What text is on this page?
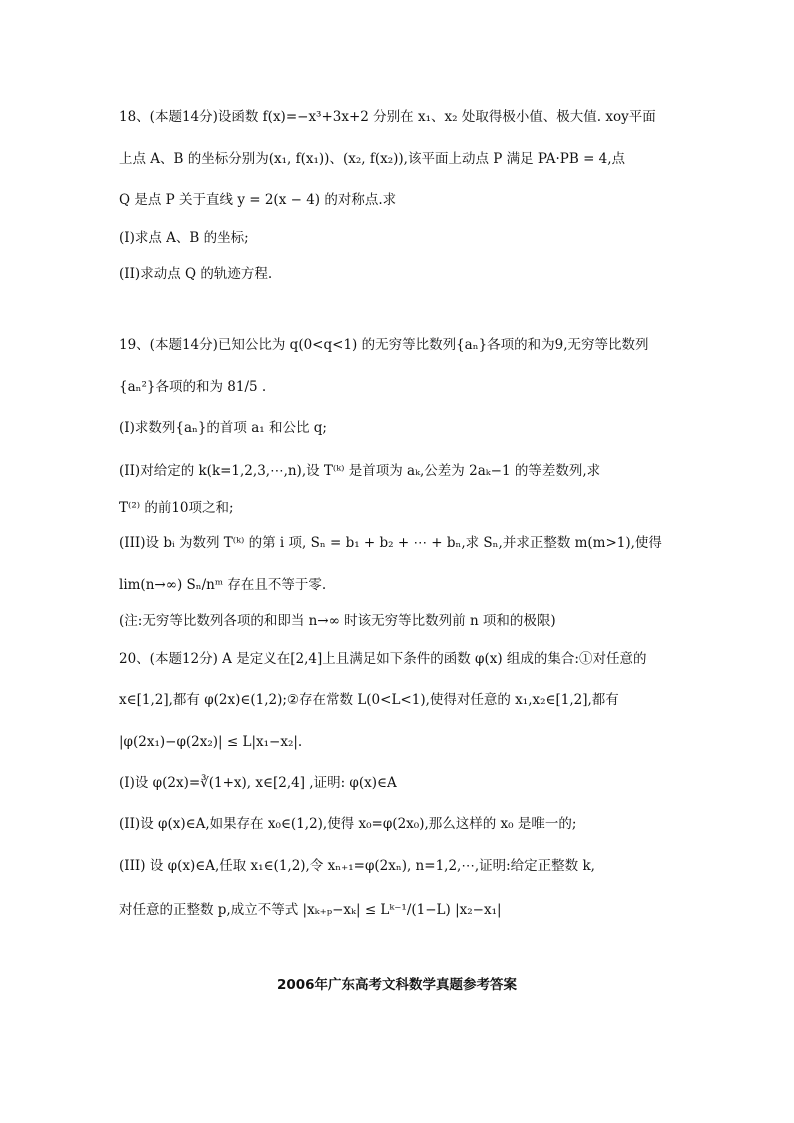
18、(本题14分)设函数 f(x)=−x³+3x+2 分别在 x₁、x₂ 处取得极小值、极大值. xoy平面
上点 A、B 的坐标分别为(x₁, f(x₁))、(x₂, f(x₂)),该平面上动点 P 满足 PA·PB = 4,点
Q 是点 P 关于直线 y = 2(x − 4) 的对称点.求
(I)求点 A、B 的坐标;
(II)求动点 Q 的轨迹方程.
19、(本题14分)已知公比为 q(0<q<1) 的无穷等比数列{aₙ}各项的和为9,无穷等比数列
{aₙ²}各项的和为 81/5 .
(I)求数列{aₙ}的首项 a₁ 和公比 q;
(II)对给定的 k(k=1,2,3,⋯,n),设 T⁽ᵏ⁾ 是首项为 aₖ,公差为 2aₖ−1 的等差数列,求
T⁽²⁾ 的前10项之和;
(III)设 bᵢ 为数列 T⁽ᵏ⁾ 的第 i 项, Sₙ = b₁ + b₂ + ⋯ + bₙ,求 Sₙ,并求正整数 m(m>1),使得
lim(n→∞) Sₙ/nᵐ 存在且不等于零.
(注:无穷等比数列各项的和即当 n→∞ 时该无穷等比数列前 n 项和的极限)
20、(本题12分) A 是定义在[2,4]上且满足如下条件的函数 φ(x) 组成的集合:①对任意的
x∈[1,2],都有 φ(2x)∈(1,2);②存在常数 L(0<L<1),使得对任意的 x₁,x₂∈[1,2],都有
|φ(2x₁)−φ(2x₂)| ≤ L|x₁−x₂|.
(I)设 φ(2x)=∛(1+x), x∈[2,4] ,证明: φ(x)∈A
(II)设 φ(x)∈A,如果存在 x₀∈(1,2),使得 x₀=φ(2x₀),那么这样的 x₀ 是唯一的;
(III) 设 φ(x)∈A,任取 x₁∈(1,2),令 xₙ₊₁=φ(2xₙ), n=1,2,⋯,证明:给定正整数 k,
对任意的正整数 p,成立不等式 |xₖ₊ₚ−xₖ| ≤ Lᵏ⁻¹/(1−L) |x₂−x₁|
2006年广东高考文科数学真题参考答案
